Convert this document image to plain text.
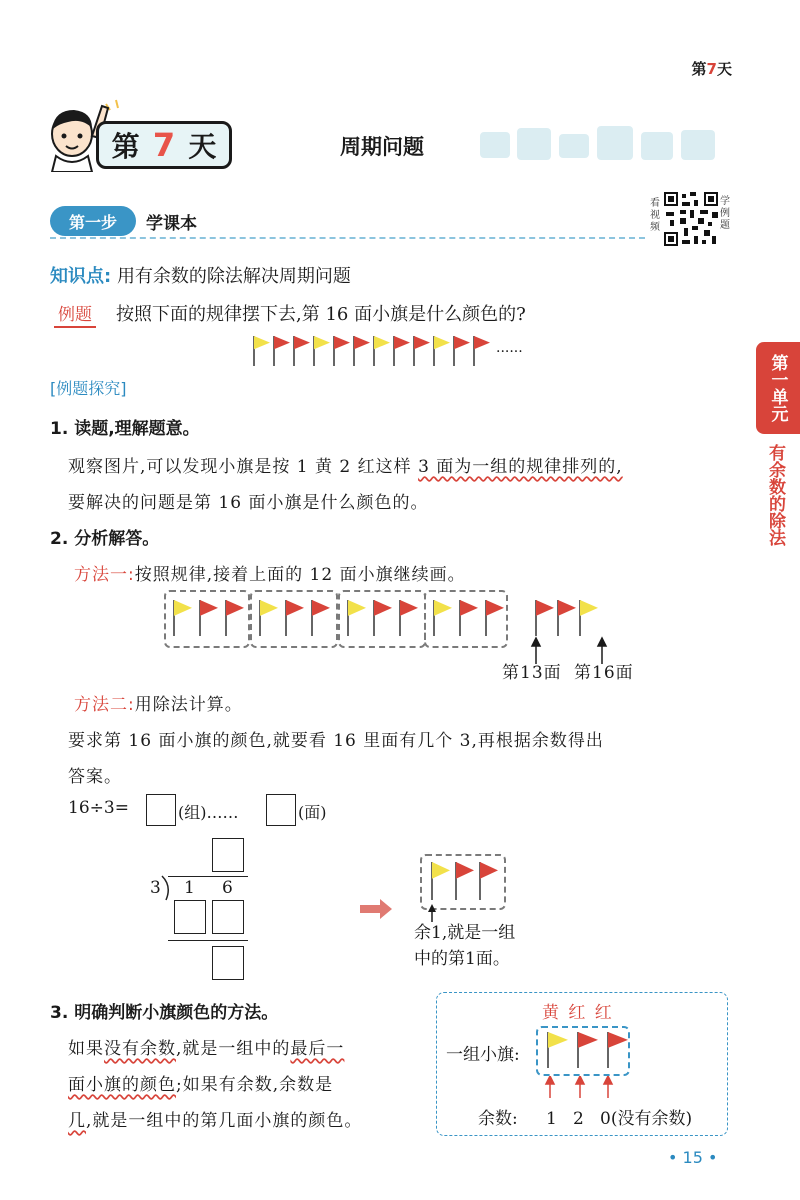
第7天
第 7 天	周期问题
第一步	学课本
看视频
学例题
知识点: 用有余数的除法解决周期问题
例题 按照下面的规律摆下去,第 16 面小旗是什么颜色的?
......
[例题探究]
1. 读题,理解题意。
观察图片,可以发现小旗是按 1 黄 2 红这样 3 面为一组的规律排列的,
要解决的问题是第 16 面小旗是什么颜色的。
2. 分析解答。
方法一:按照规律,接着上面的 12 面小旗继续画。
第13面 第16面
方法二:用除法计算。
要求第 16 面小旗的颜色,就要看 16 里面有几个 3,再根据余数得出
答案。
16÷3=	(组)……	(面)
3 1 6
余1,就是一组
中的第1面。
3. 明确判断小旗颜色的方法。
如果没有余数,就是一组中的最后一
面小旗的颜色;如果有余数,余数是
几,就是一组中的第几面小旗的颜色。
黄 红 红
一组小旗:
余数: 1   2   0(没有余数)
第一单元
有余数的除法
• 15 •
